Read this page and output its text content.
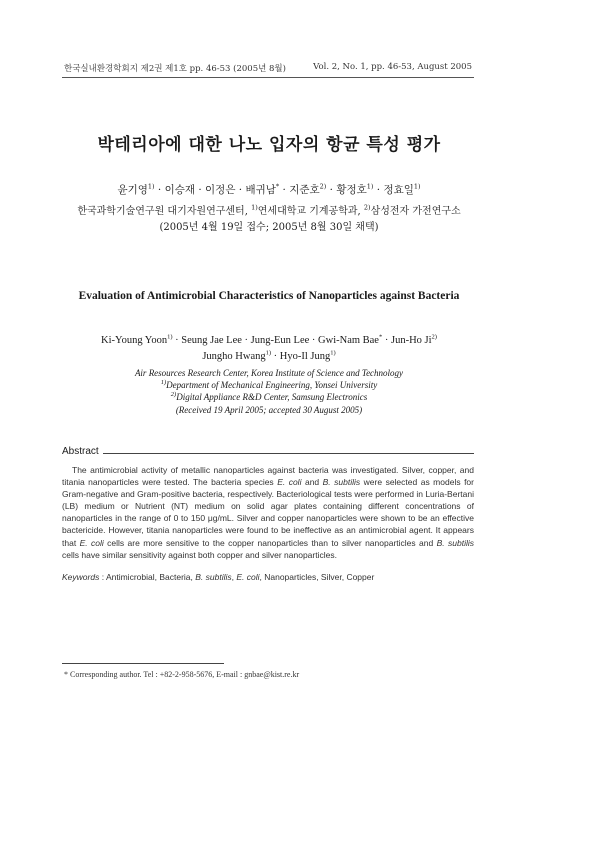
한국실내환경학회지 제2권 제1호 pp. 46-53 (2005년 8월)	Vol. 2, No. 1, pp. 46-53, August 2005
박테리아에 대한 나노 입자의 항균 특성 평가
윤기영$^{1)}$ · 이승재 · 이정은 · 배귀남* · 지준호$^{2)}$ · 황정호$^{1)}$ · 정효일$^{1)}$
한국과학기술연구원 대기자원연구센터, $^{1)}$연세대학교 기계공학과, $^{2)}$삼성전자 가전연구소
(2005년 4월 19일 접수; 2005년 8월 30일 채택)
Evaluation of Antimicrobial Characteristics of Nanoparticles against Bacteria
Ki-Young Yoon$^{1)}$ · Seung Jae Lee · Jung-Eun Lee · Gwi-Nam Bae* · Jun-Ho Ji$^{2)}$
Jungho Hwang$^{1)}$ · Hyo-Il Jung$^{1)}$
Air Resources Research Center, Korea Institute of Science and Technology
$^{1)}$Department of Mechanical Engineering, Yonsei University
$^{2)}$Digital Appliance R&D Center, Samsung Electronics
(Received 19 April 2005; accepted 30 August 2005)
Abstract
The antimicrobial activity of metallic nanoparticles against bacteria was investigated. Silver, copper, and titania nanoparticles were tested. The bacteria species E. coli and B. subtilis were selected as models for Gram-negative and Gram-positive bacteria, respectively. Bacteriological tests were performed in Luria-Bertani (LB) medium or Nutrient (NT) medium on solid agar plates containing different concentrations of nanoparticles in the range of 0 to 150 μg/mL. Silver and copper nanoparticles were shown to be an effective bactericide. However, titania nanoparticles were found to be ineffective as an antimicrobial agent. It appears that E. coli cells are more sensitive to the copper nanoparticles than to silver nanoparticles and B. subtilis cells have similar sensitivity against both copper and silver nanoparticles.
Keywords : Antimicrobial, Bacteria, B. subtilis, E. coli, Nanoparticles, Silver, Copper
* Corresponding author. Tel : +82-2-958-5676, E-mail : gnbae@kist.re.kr
